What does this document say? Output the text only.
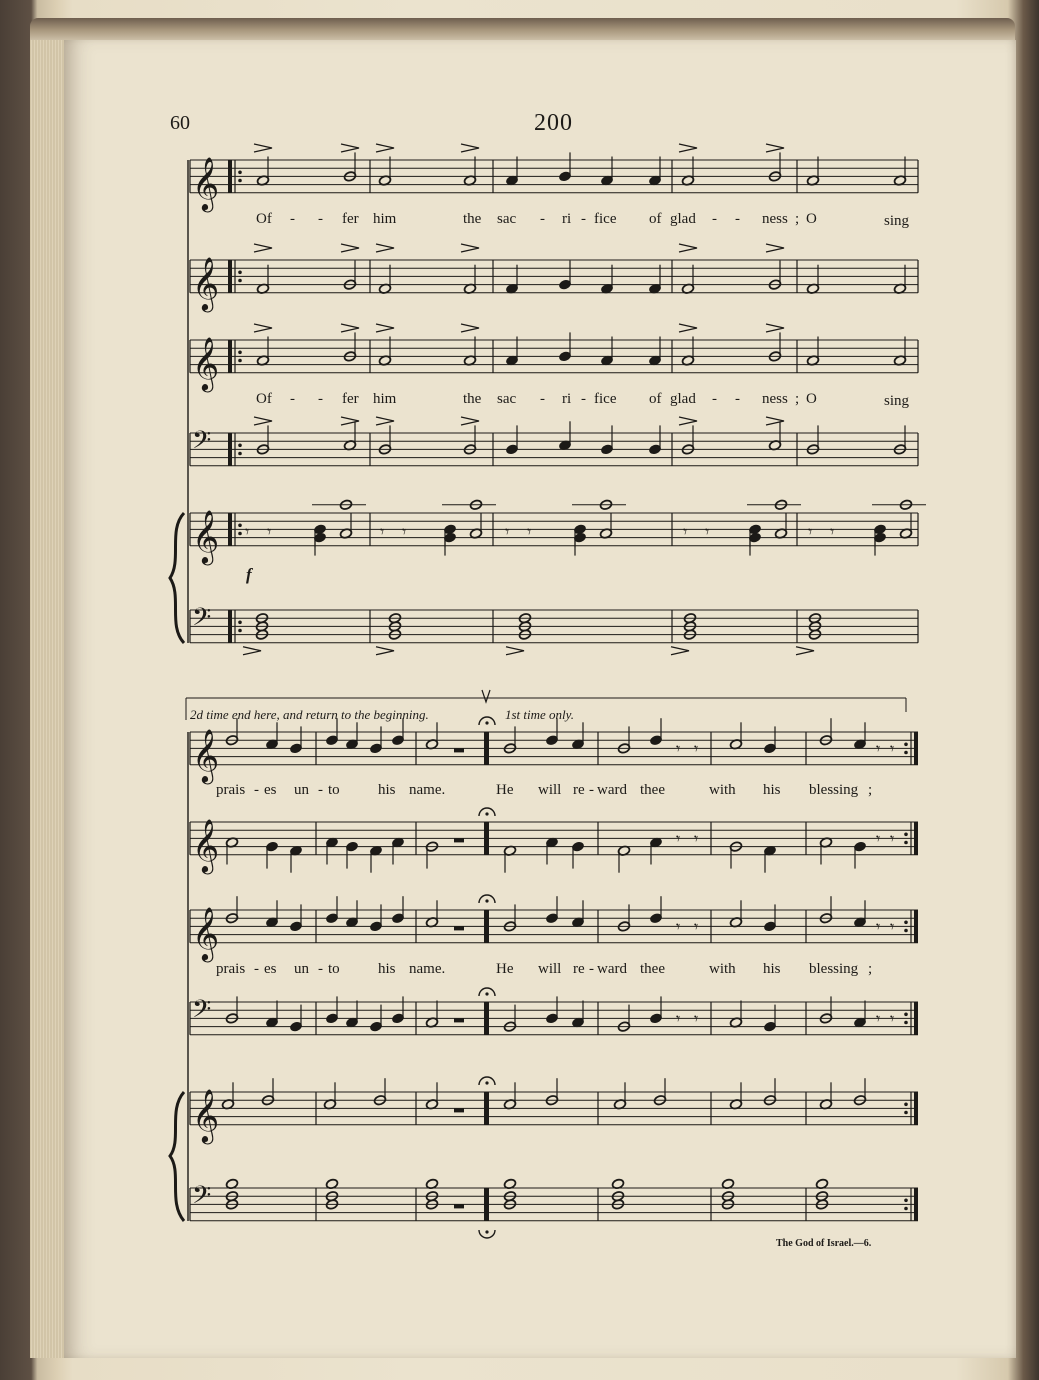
𝄞
𝄞
𝄞
𝄢
𝄞
𝄢
𝄾 𝄾	𝄾 𝄾	𝄾 𝄾	𝄾 𝄾	𝄾 𝄾
𝄞
𝄞
𝄞
𝄢
𝄞
𝄢
𝄾 𝄾	𝄾 𝄾
𝄾 𝄾	𝄾 𝄾
𝄾 𝄾	𝄾 𝄾
𝄾 𝄾	𝄾 𝄾
60	200
f
2d time end here, and return to the beginning.	1st time only.
Of - - fer him	the sac - ri - fice of glad - - ness ; O	sing
Of - - fer him	the sac - ri - fice of glad - - ness ; O	sing
prais - es un - to	his name.	He will re - ward thee	with his blessing ;
prais - es un - to	his name.	He will re - ward thee	with his blessing ;
The God of Israel.—6.
